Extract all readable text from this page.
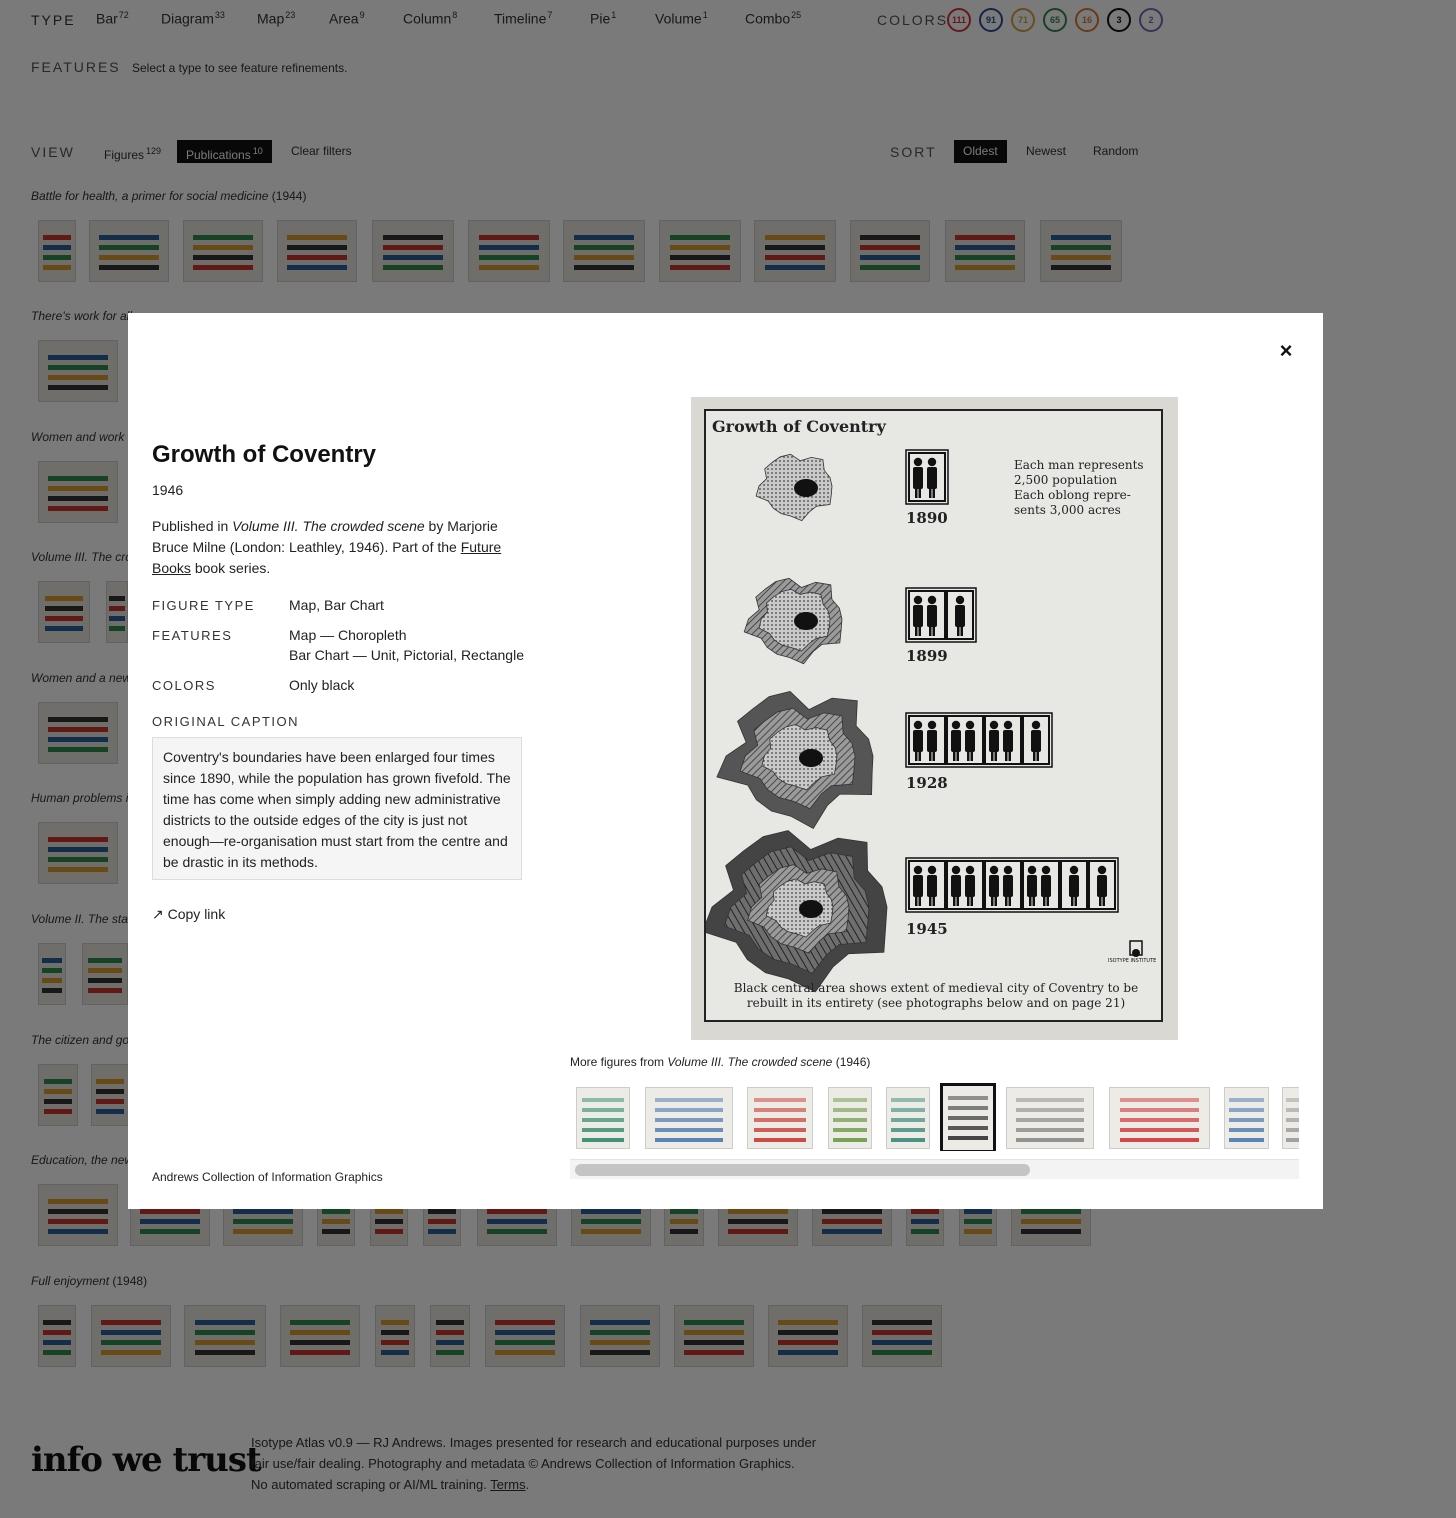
×
Growth of Coventry
1946
Published in Volume III. The crowded scene by Marjorie Bruce Milne (London: Leathley, 1946). Part of the Future Books book series.
FIGURE TYPE Map, Bar Chart
FEATURES	Map — Choropleth
Bar Chart — Unit, Pictorial, Rectangle
COLORS	Only black
ORIGINAL CAPTION
Coventry's boundaries have been enlarged four times since 1890, while the population has grown fivefold. The time has come when simply adding new administrative districts to the outside edges of the city is just not enough—re-organisation must start from the centre and be drastic in its methods.
↗ Copy link
Andrews Collection of Information Graphics
Growth of Coventry
Each man represents
2,500 population
Each oblong repre-
sents 3,000 acres
ISOTYPE INSTITUTE
1890
1899
1928
1945
Black central area shows extent of medieval city of Coventry to be
rebuilt in its entirety (see photographs below and on page 21)
More figures from Volume III. The crowded scene (1946)
